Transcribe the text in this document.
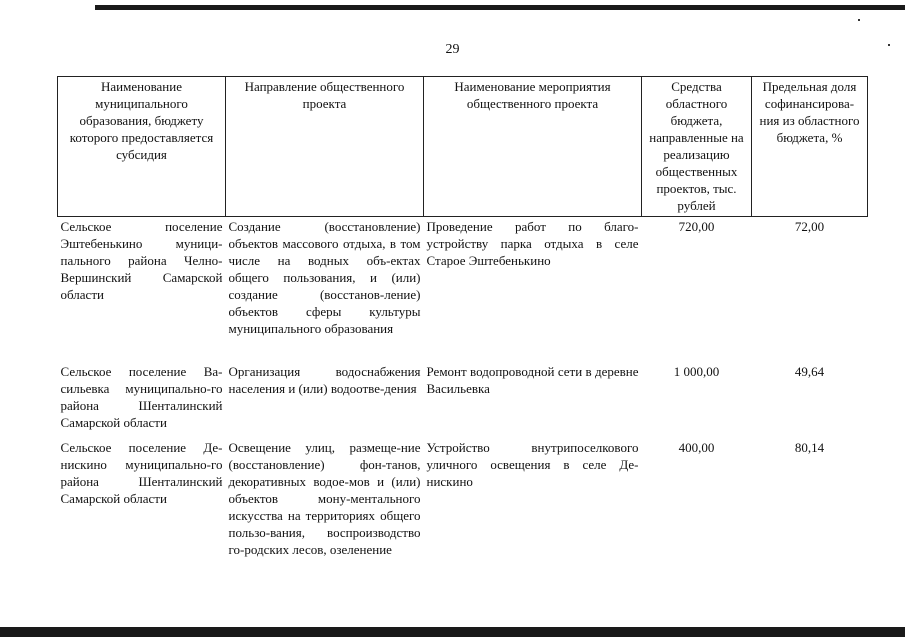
29
Наименование муниципального образования, бюджету которого предоставляется субсидия	Направление общественного проекта	Наименование мероприятия общественного проекта	Средства областного бюджета, направленные на реализацию общественных проектов, тыс. рублей	Предельная доля софинансирова-ния из областного бюджета, %
Сельское поселение Эштебенькино муници-пального района Челно-Вершинский Самарской области	Создание (восстановление) объектов массового отдыха, в том числе на водных объ-ектах общего пользования, и (или) создание (восстанов-ление) объектов сферы культуры муниципального образования	Проведение работ по благо-устройству парка отдыха в селе Старое Эштебенькино	720,00	72,00
Сельское поселение Ва-сильевка муниципально-го района Шенталинский Самарской области	Организация водоснабжения населения и (или) водоотве-дения	Ремонт водопроводной сети в деревне Васильевка	1 000,00	49,64
Сельское поселение Де-нискино муниципально-го района Шенталинский Самарской области	Освещение улиц, размеще-ние (восстановление) фон-танов, декоративных водое-мов и (или) объектов мону-ментального искусства на территориях общего пользо-вания, воспроизводство го-родских лесов, озеленение	Устройство внутрипоселкового уличного освещения в селе Де-нискино	400,00	80,14
